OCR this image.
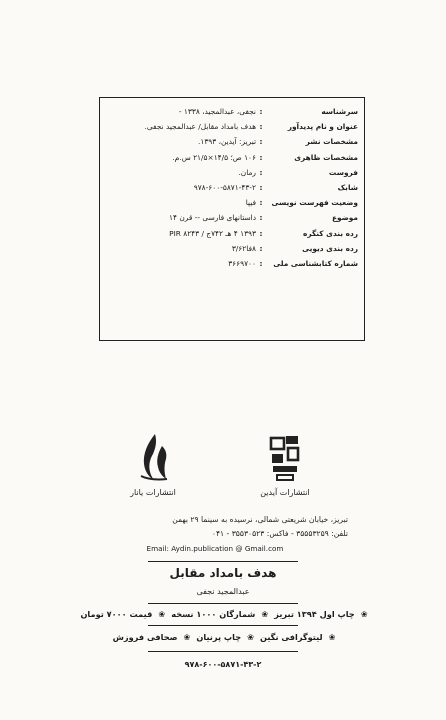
سرشناسه
:
نجفی، عبدالمجید، ۱۳۳۸ -
عنوان و نام پدیدآور
:
هدف بامداد مقابل/ عبدالمجید نجفی.
مشخصات نشر
:
تبریز: آیدین، ۱۳۹۳.
مشخصات ظاهری
:
۱۰۶ ص؛ ۱۴/۵×۲۱/۵ س.م.
فروست
:
رمان.
شابک
:
۹۷۸-۶۰۰-۵۸۷۱-۴۳-۲
وضعیت فهرست نویسی
:
فیپا
موضوع
:
داستانهای فارسی -- قرن ۱۴
رده بندی کنگره
:
۱۳۹۳ ۴ هـ ۷۴۲ج / PIR ۸۲۴۳
رده بندی دیویی
:
۸فا۳/۶۲
شماره کتابشناسی ملی
:
۳۶۶۹۷۰۰
انتشارات آیدین
انتشارات یانار
تبریز، خیابان شریعتی شمالی، نرسیده به سینما ۲۹ بهمن
تلفن: ۳۵۵۵۳۲۵۹ - فاکس: ۳۵۵۳۰۵۲۳ - ۰۴۱
Email: Aydin.publication @ Gmail.com
هدف بامداد مقابل
عبدالمجید نجفی
❀
چاپ اول ۱۳۹۴ تبریز
❀
شمارگان ۱۰۰۰ نسخه
❀
قیمت ۷۰۰۰ تومان
❀
لیتوگرافی نگین
❀
چاپ پرنیان
❀
صحافی فروزش
۹۷۸-۶۰۰-۵۸۷۱-۴۳-۲
